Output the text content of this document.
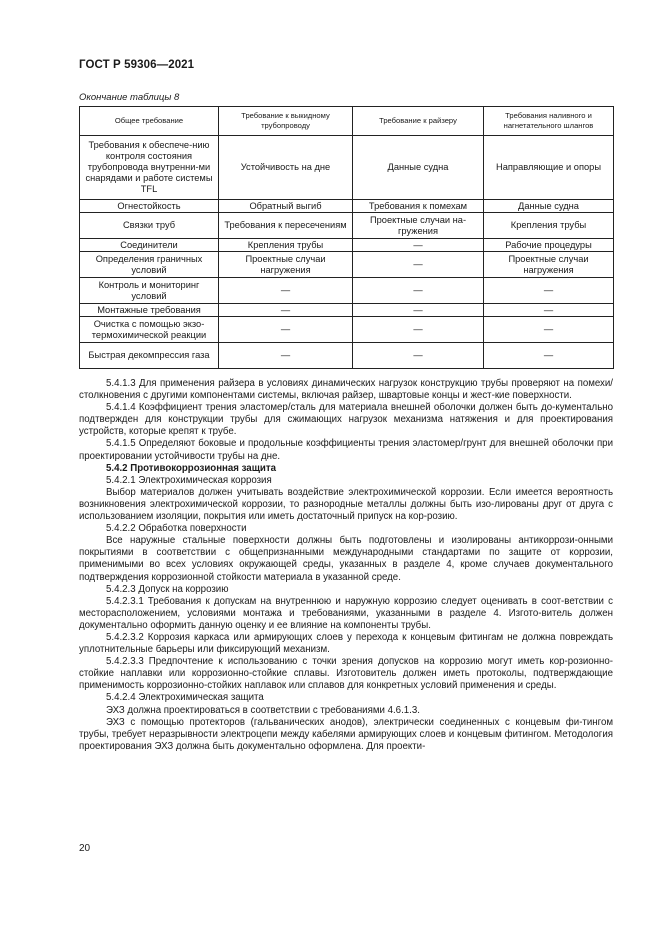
ГОСТ Р 59306—2021
Окончание таблицы 8
Общее требование	Требование к выкидному трубопроводу	Требование к райзеру	Требования наливного и нагнетательного шлангов
Требования к обеспече-нию контроля состояния трубопровода внутренни-ми снарядами и работе системы TFL	Устойчивость на дне	Данные судна	Направляющие и опоры
Огнестойкость	Обратный выгиб	Требования к помехам	Данные судна
Связки труб	Требования к пересечениям	Проектные случаи на-гружения	Крепления трубы
Соединители	Крепления трубы	—	Рабочие процедуры
Определения граничных условий	Проектные случаи нагружения	—	Проектные случаи нагружения
Контроль и мониторинг условий	—	—	—
Монтажные требования	—	—	—
Очистка с помощью экзо-термохимической реакции	—	—	—
Быстрая декомпрессия газа	—	—	—

5.4.1.3 Для применения райзера в условиях динамических нагрузок конструкцию трубы проверяют на помехи/столкновения с другими компонентами системы, включая райзер, швартовые концы и жест-кие поверхности.

5.4.1.4 Коэффициент трения эластомер/сталь для материала внешней оболочки должен быть до-кументально подтвержден для конструкции трубы для сжимающих нагрузок механизма натяжения и для проектирования устройств, которые крепят к трубе.

5.4.1.5 Определяют боковые и продольные коэффициенты трения эластомер/грунт для внешней оболочки при проектировании устойчивости трубы на дне.

5.4.2 Противокоррозионная защита

5.4.2.1 Электрохимическая коррозия

Выбор материалов должен учитывать воздействие электрохимической коррозии. Если имеется вероятность возникновения электрохимической коррозии, то разнородные металлы должны быть изо-лированы друг от друга с использованием изоляции, покрытия или иметь достаточный припуск на кор-розию.

5.4.2.2 Обработка поверхности

Все наружные стальные поверхности должны быть подготовлены и изолированы антикоррози-онными покрытиями в соответствии с общепризнанными международными стандартами по защите от коррозии, применимыми во всех условиях окружающей среды, указанных в разделе 4, кроме случаев документального подтверждения коррозионной стойкости материала в указанной среде.

5.4.2.3 Допуск на коррозию

5.4.2.3.1 Требования к допускам на внутреннюю и наружную коррозию следует оценивать в соот-ветствии с месторасположением, условиями монтажа и требованиями, указанными в разделе 4. Изгото-витель должен документально оформить данную оценку и ее влияние на компоненты трубы.

5.4.2.3.2 Коррозия каркаса или армирующих слоев у перехода к концевым фитингам не должна повреждать уплотнительные барьеры или фиксирующий механизм.

5.4.2.3.3 Предпочтение к использованию с точки зрения допусков на коррозию могут иметь кор-розионно-стойкие наплавки или коррозионно-стойкие сплавы. Изготовитель должен иметь протоколы, подтверждающие применимость коррозионно-стойких наплавок или сплавов для конкретных условий применения и среды.

5.4.2.4 Электрохимическая защита

ЭХЗ должна проектироваться в соответствии с требованиями 4.6.1.3.

ЭХЗ с помощью протекторов (гальванических анодов), электрически соединенных с концевым фи-тингом трубы, требует неразрывности электроцепи между кабелями армирующих слоев и концевым фитингом. Методология проектирования ЭХЗ должна быть документально оформлена. Для проекти-

20
